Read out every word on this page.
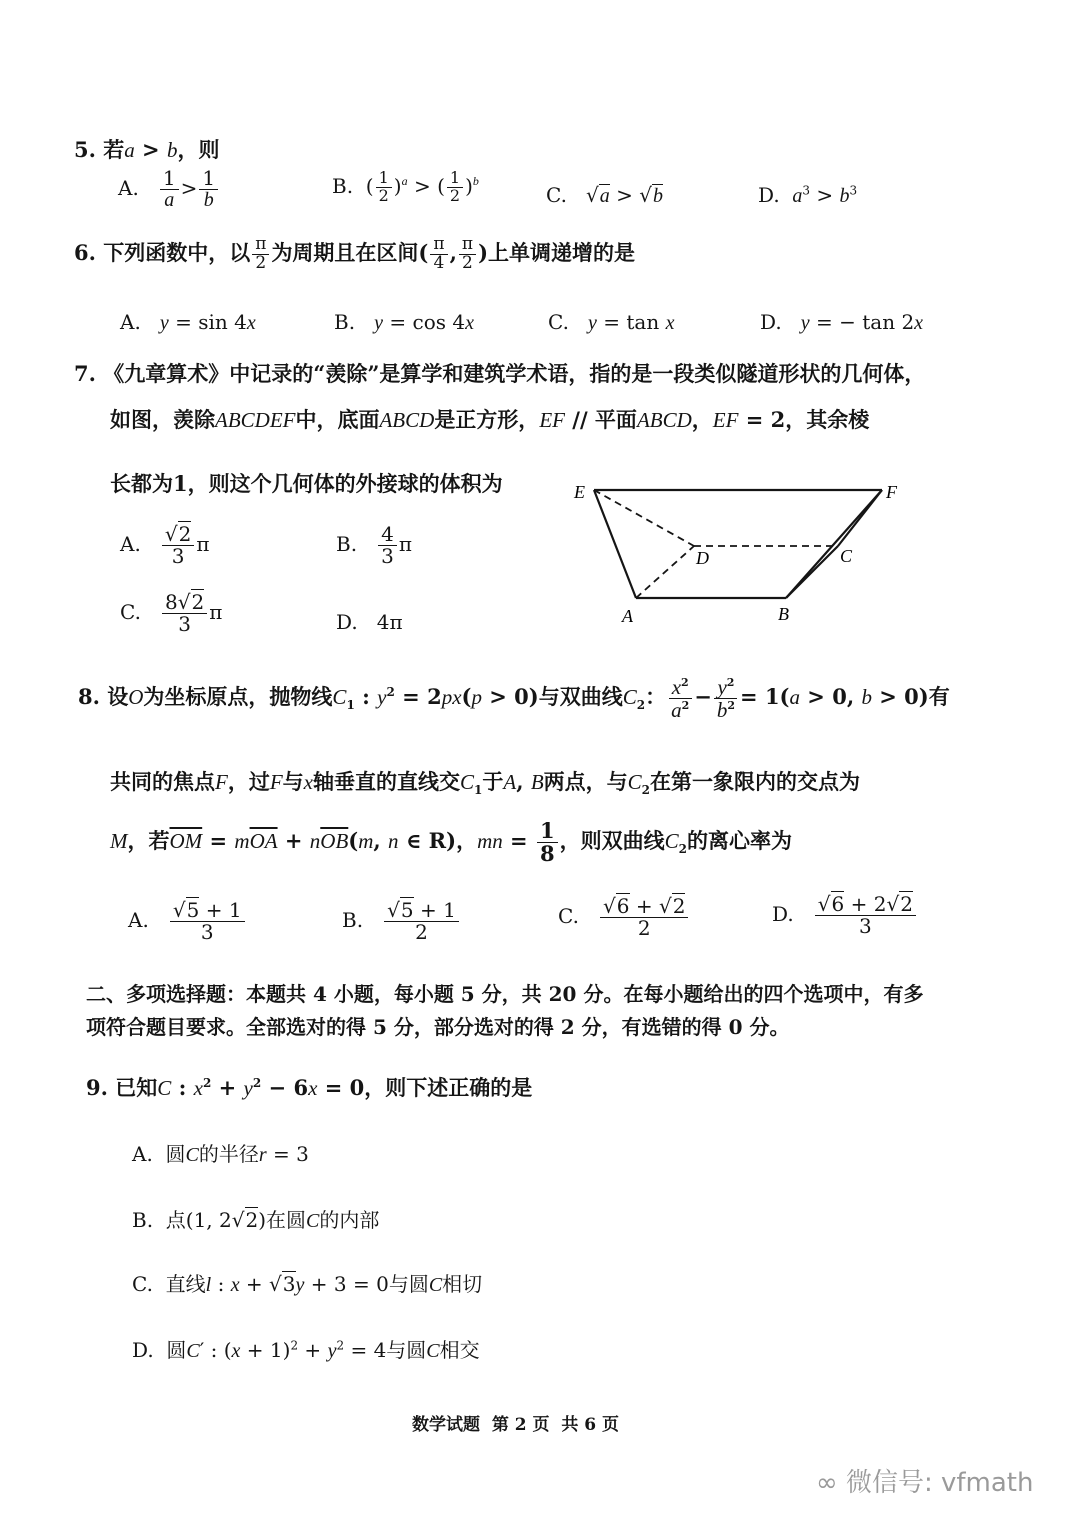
5. 若a > b，则
A. $\frac{1}{a} > \frac{1}{b}$	B.  ( $\frac{1}{2} )^a$ > ( $\frac{1}{2} )^b$
C.   √a > √b	D. $a^3 > b^3$
6. 下列函数中，以 $\frac{\pi}{2}$ 为周期且在区间( $\frac{\pi}{4}$ , $\frac{\pi}{2}$ )上单调递增的是
A. y = sin 4x	B. y = cos 4x	C. y = tan x	D. y = − tan 2x
7. 《九章算术》中记录的“羡除”是算学和建筑学术语，指的是一段类似隧道形状的几何体，
如图，羡除ABCDEF中，底面ABCD是正方形，EF // 平面ABCD，EF = 2，其余棱
长都为1，则这个几何体的外接球的体积为
A. $\frac{√2}{3}$ π	B. $\frac{4}{3}$ π
C. $\frac{8√2}{3}$ π	D.   4π
E	F
D	C
A	B
8. 设O为坐标原点，抛物线$C_1$ : $y^2 = 2px(p > 0)$与双曲线$C_2$： $\frac{x^2}{a^2} - \frac{y^2}{b^2} = 1(a > 0$, b > 0)有
共同的焦点F，过F与x轴垂直的直线交$C_1$于A, B两点，与$C_2$在第一象限内的交点为
M，若$\overline{OM} = m\overline{OA} + n\overline{OB}(m$, n ∈ R)，mn = $\frac{1}{8}$ ，则双曲线$C_2$的离心率为
A. $\frac{√5 + 1}{3}$	B. $\frac{√5 + 1}{2}$	C. $\frac{√6 + √2}{2}$	D. $\frac{√6 + 2√2}{3}$
二、多项选择题：本题共 4 小题，每小题 5 分，共 20 分。在每小题给出的四个选项中，有多
项符合题目要求。全部选对的得 5 分，部分选对的得 2 分，有选错的得 0 分。
9. 已知C : $x^2 + y^2 - 6x = 0$，则下述正确的是
A.  圆C的半径r = 3
B.  点(1, 2√2)在圆C的内部
C.  直线l : x + √3y + 3 = 0与圆C相切
D.  圆C′ : $(x + 1)^2 + y^2 = 4$与圆C相交
数学试题  第 2 页  共 6 页
∞ 微信号: vfmath
